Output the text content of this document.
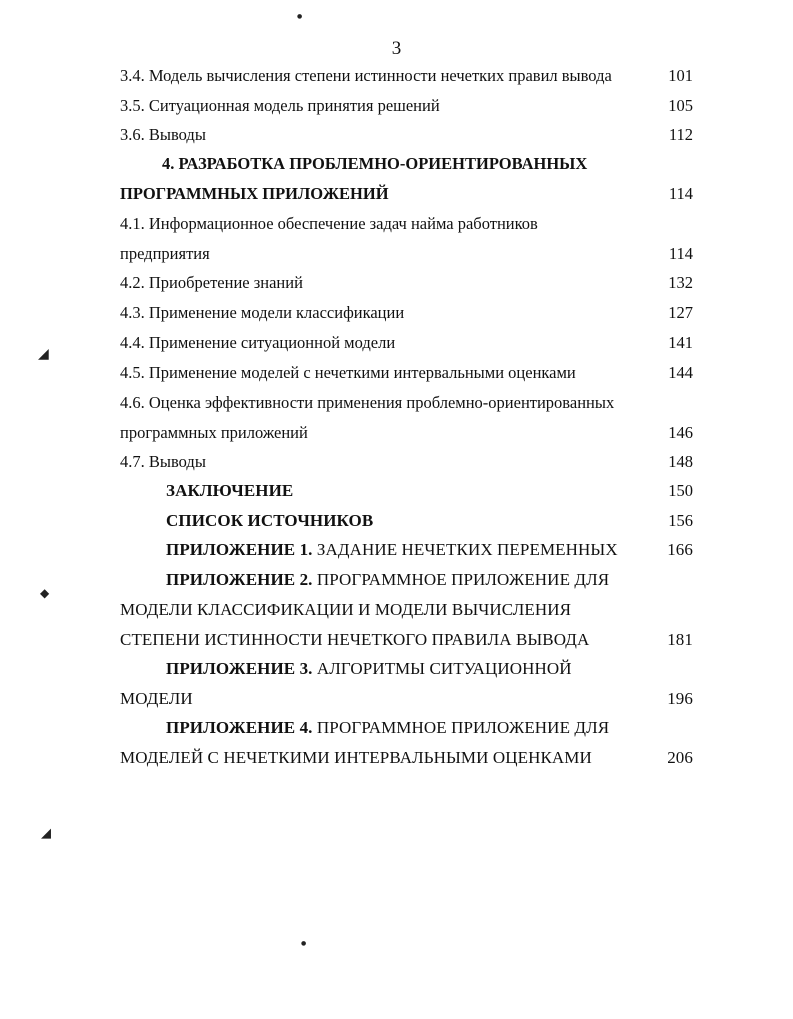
3
3.4. Модель вычисления степени истинности нечетких правил вывода	101
3.5. Ситуационная модель принятия решений	105
3.6. Выводы	112
4. РАЗРАБОТКА ПРОБЛЕМНО-ОРИЕНТИРОВАННЫХ
ПРОГРАММНЫХ ПРИЛОЖЕНИЙ	114
4.1. Информационное обеспечение задач найма работников
предприятия	114
4.2. Приобретение знаний	132
4.3. Применение модели классификации	127
4.4. Применение ситуационной модели	141
4.5. Применение моделей с нечеткими интервальными оценками	144
4.6. Оценка эффективности применения проблемно-ориентированных
программных приложений	146
4.7. Выводы	148
ЗАКЛЮЧЕНИЕ	150
СПИСОК ИСТОЧНИКОВ	156
ПРИЛОЖЕНИЕ 1. ЗАДАНИЕ НЕЧЕТКИХ ПЕРЕМЕННЫХ	166
ПРИЛОЖЕНИЕ 2. ПРОГРАММНОЕ ПРИЛОЖЕНИЕ ДЛЯ
МОДЕЛИ КЛАССИФИКАЦИИ И МОДЕЛИ ВЫЧИСЛЕНИЯ
СТЕПЕНИ ИСТИННОСТИ НЕЧЕТКОГО ПРАВИЛА ВЫВОДА	181
ПРИЛОЖЕНИЕ 3. АЛГОРИТМЫ СИТУАЦИОННОЙ
МОДЕЛИ	196
ПРИЛОЖЕНИЕ 4. ПРОГРАММНОЕ ПРИЛОЖЕНИЕ ДЛЯ
МОДЕЛЕЙ С НЕЧЕТКИМИ ИНТЕРВАЛЬНЫМИ ОЦЕНКАМИ	206
◢
◆
◢
●
●
